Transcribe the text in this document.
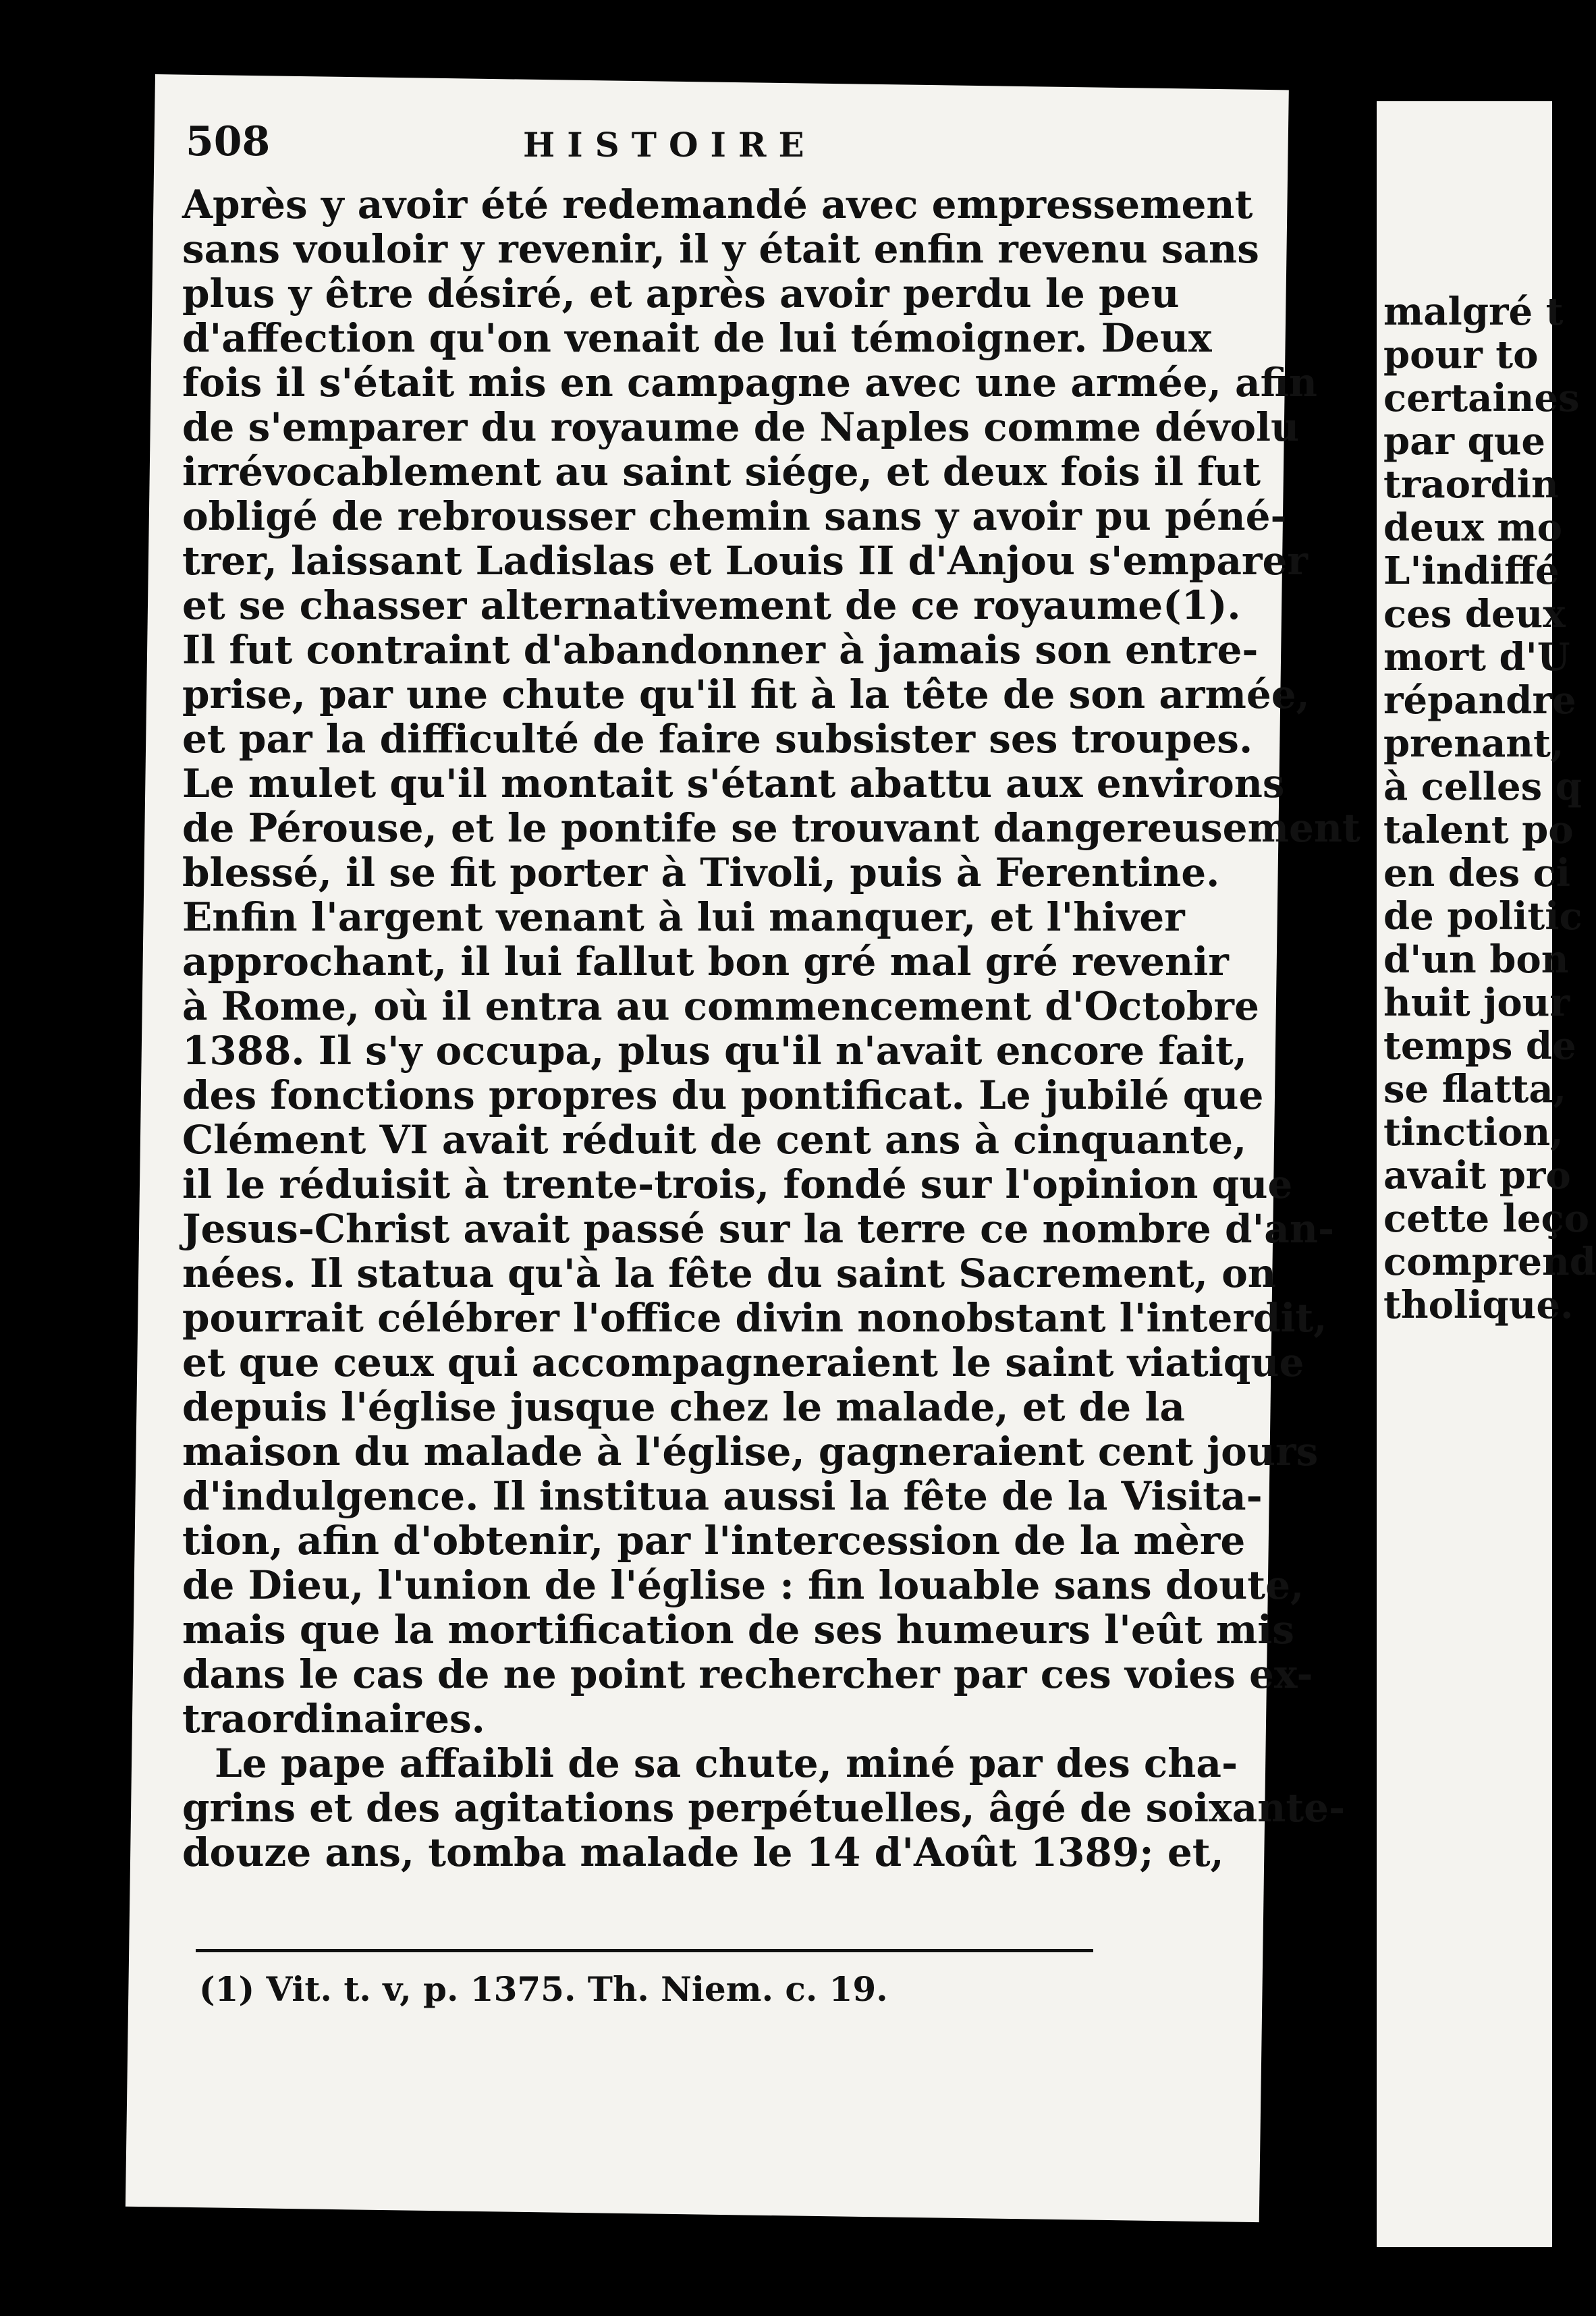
508	HISTOIRE
Après y avoir été redemandé avec empressement
sans vouloir y revenir, il y était enfin revenu sans
plus y être désiré, et après avoir perdu le peu
d'affection qu'on venait de lui témoigner. Deux
fois il s'était mis en campagne avec une armée, afin
de s'emparer du royaume de Naples comme dévolu
irrévocablement au saint siége, et deux fois il fut
obligé de rebrousser chemin sans y avoir pu péné-
trer, laissant Ladislas et Louis II d'Anjou s'emparer
et se chasser alternativement de ce royaume(1).
Il fut contraint d'abandonner à jamais son entre-
prise, par une chute qu'il fit à la tête de son armée,
et par la difficulté de faire subsister ses troupes.
Le mulet qu'il montait s'étant abattu aux environs
de Pérouse, et le pontife se trouvant dangereusement
blessé, il se fit porter à Tivoli, puis à Ferentine.
Enfin l'argent venant à lui manquer, et l'hiver
approchant, il lui fallut bon gré mal gré revenir
à Rome, où il entra au commencement d'Octobre
1388. Il s'y occupa, plus qu'il n'avait encore fait,
des fonctions propres du pontificat. Le jubilé que
Clément VI avait réduit de cent ans à cinquante,
il le réduisit à trente-trois, fondé sur l'opinion que
Jesus-Christ avait passé sur la terre ce nombre d'an-
nées. Il statua qu'à la fête du saint Sacrement, on
pourrait célébrer l'office divin nonobstant l'interdit,
et que ceux qui accompagneraient le saint viatique
depuis l'église jusque chez le malade, et de la
maison du malade à l'église, gagneraient cent jours
d'indulgence. Il institua aussi la fête de la Visita-
tion, afin d'obtenir, par l'intercession de la mère
de Dieu, l'union de l'église : fin louable sans doute,
mais que la mortification de ses humeurs l'eût mis
dans le cas de ne point rechercher par ces voies ex-
traordinaires.
Le pape affaibli de sa chute, miné par des cha-
grins et des agitations perpétuelles, âgé de soixante-
douze ans, tomba malade le 14 d'Août 1389; et,
(1) Vit. t. v, p. 1375. Th. Niem. c. 19.
malgré t
pour to
certaines
par que
traordin
deux mo
L'indiffé
ces deux
mort d'U
répandre
prenant,
à celles q
talent po
en des ci
de politic
d'un bon
huit jour
temps de
se flatta,
tinction,
avait pro
cette leço
comprend
tholique.
